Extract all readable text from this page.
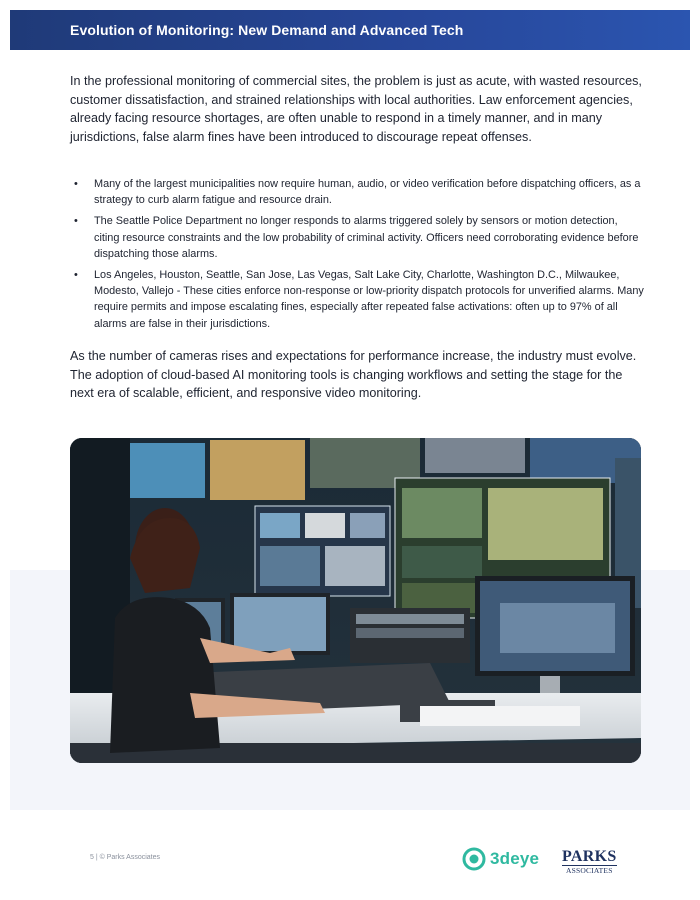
Evolution of Monitoring: New Demand and Advanced Tech

In the professional monitoring of commercial sites, the problem is just as acute, with wasted resources, customer dissatisfaction, and strained relationships with local authorities. Law enforcement agencies, already facing resource shortages, are often unable to respond in a timely manner, and in many jurisdictions, false alarm fines have been introduced to discourage repeat offenses.

• Many of the largest municipalities now require human, audio, or video verification before dispatching officers, as a strategy to curb alarm fatigue and resource drain.
• The Seattle Police Department no longer responds to alarms triggered solely by sensors or motion detection, citing resource constraints and the low probability of criminal activity. Officers need corroborating evidence before dispatching those alarms.
• Los Angeles, Houston, Seattle, San Jose, Las Vegas, Salt Lake City, Charlotte, Washington D.C., Milwaukee, Modesto, Vallejo - These cities enforce non-response or low-priority dispatch protocols for unverified alarms. Many require permits and impose escalating fines, especially after repeated false activations: often up to 97% of all alarms are false in their jurisdictions.

As the number of cameras rises and expectations for performance increase, the industry must evolve. The adoption of cloud-based AI monitoring tools is changing workflows and setting the stage for the next era of scalable, efficient, and responsive video monitoring.

5 | © Parks Associates	3deye PARKS
ASSOCIATES
